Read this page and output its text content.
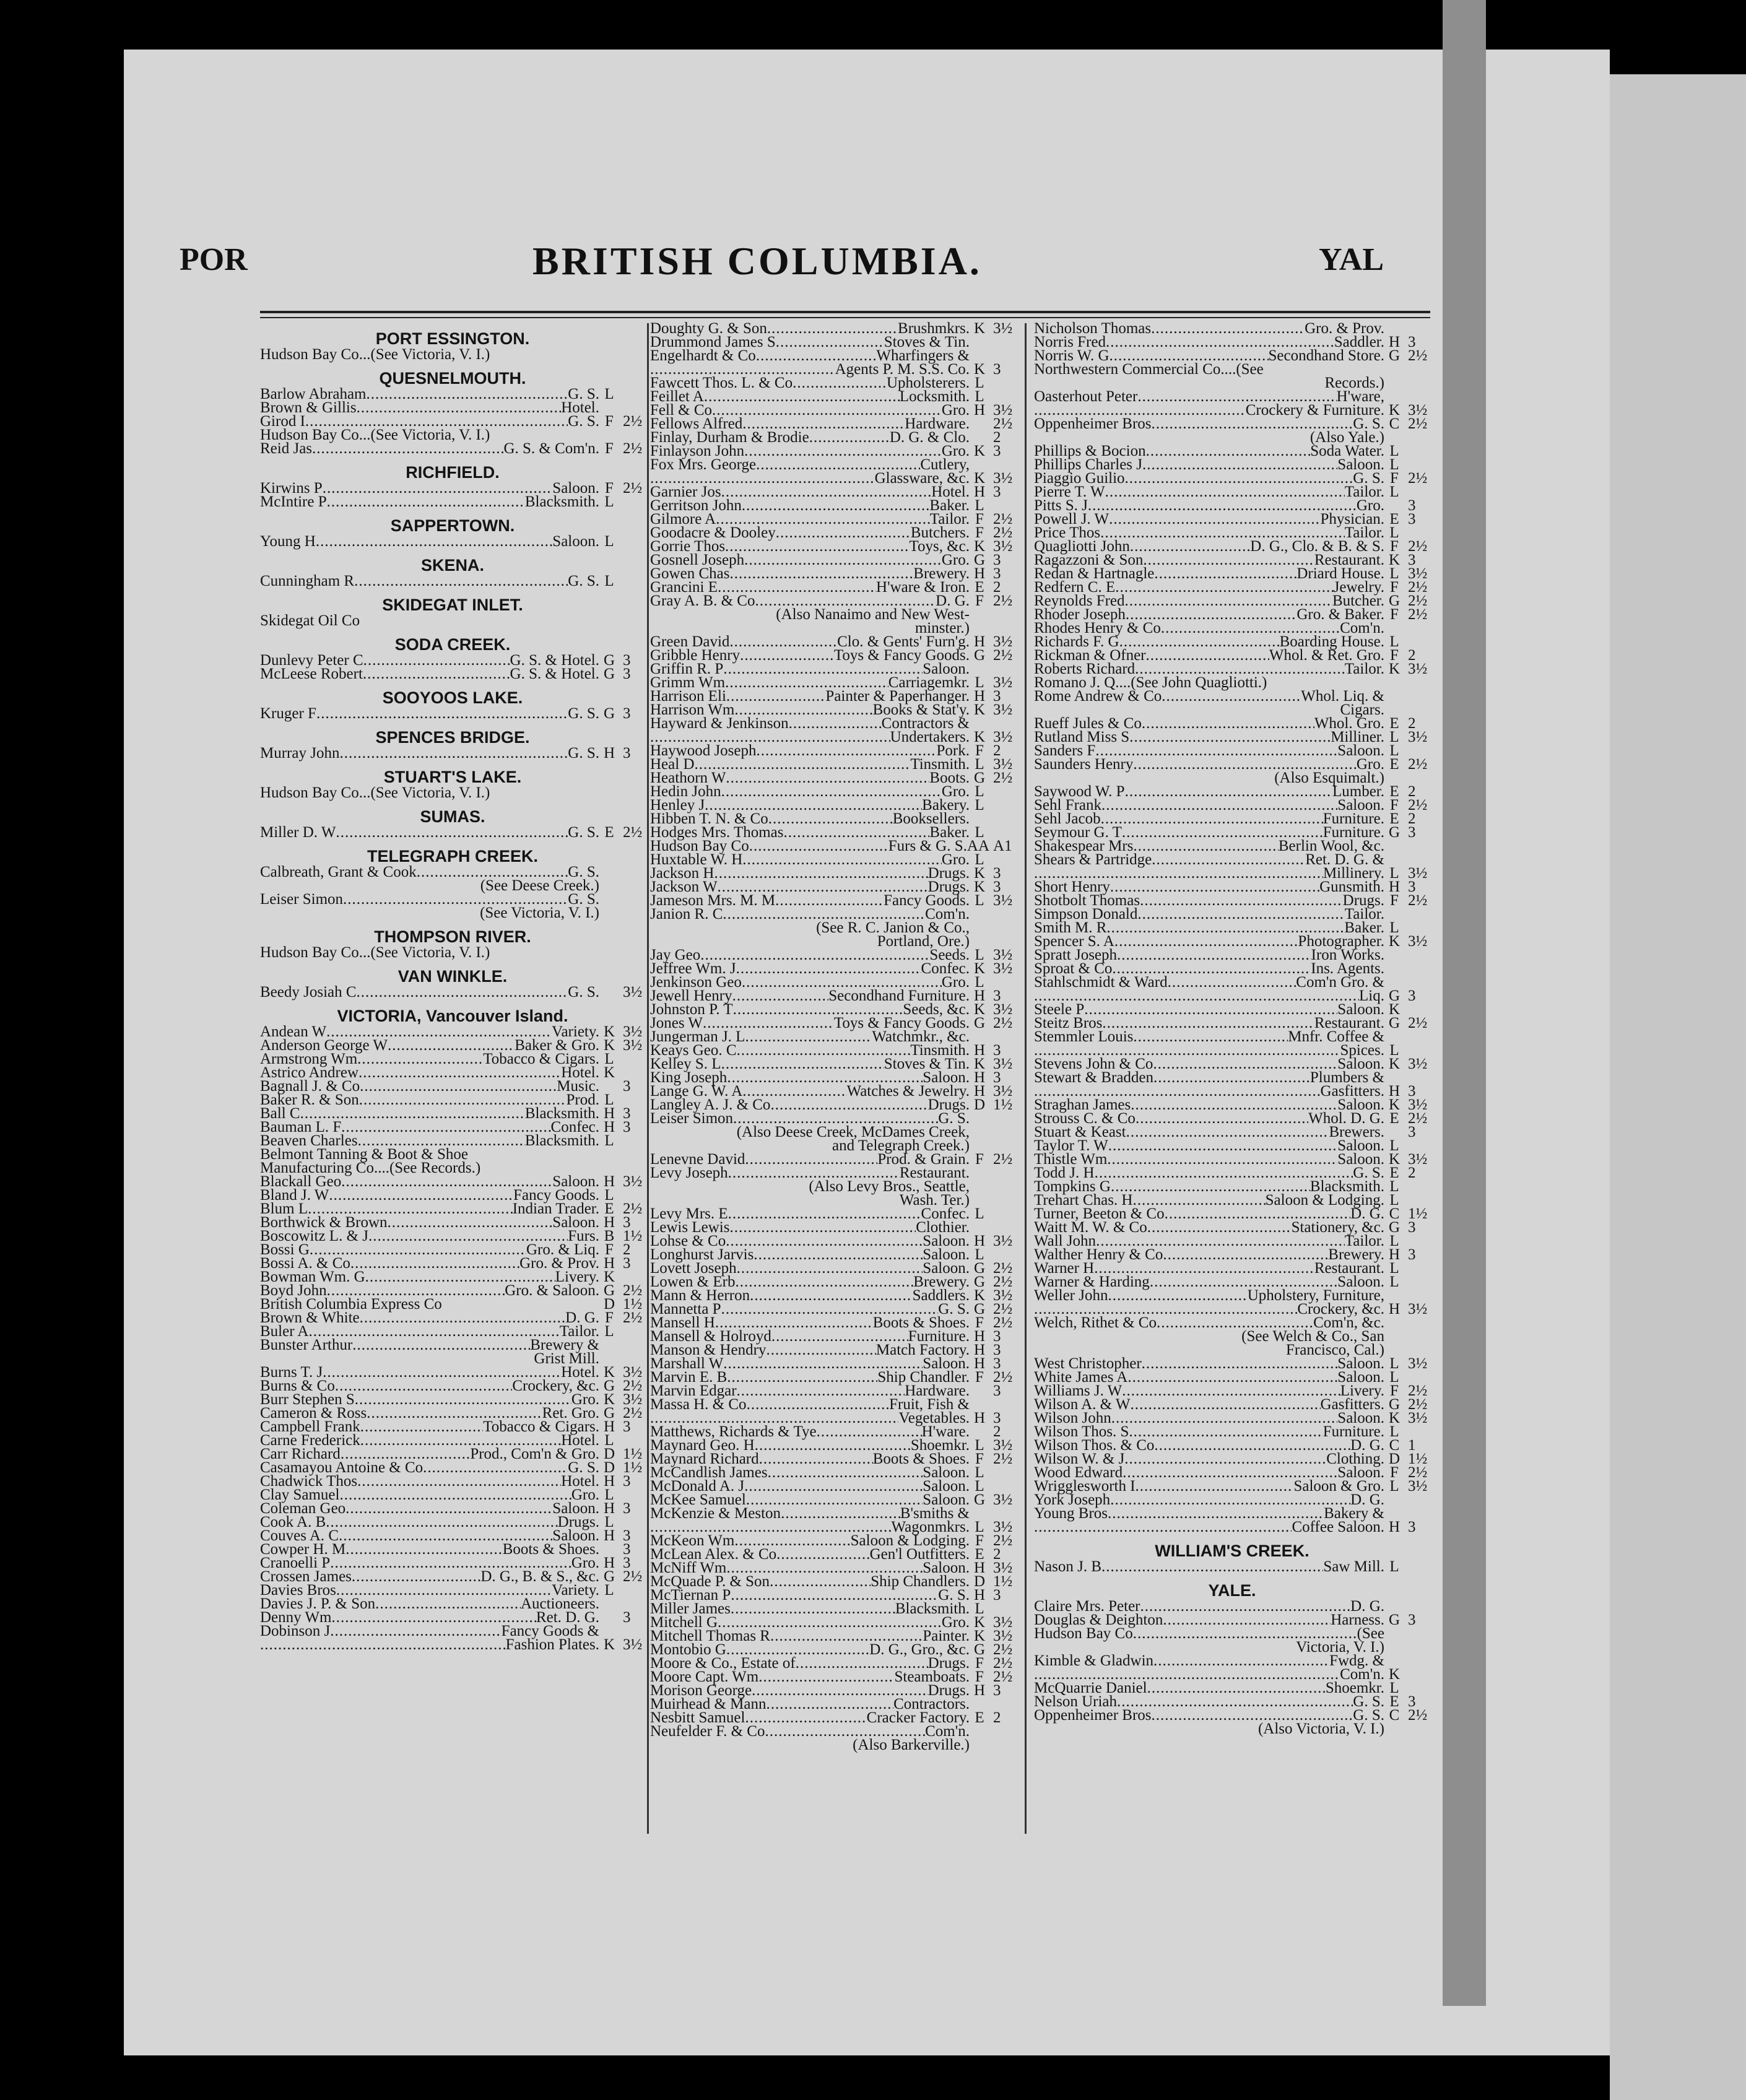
POR	BRITISH COLUMBIA.	YAL
PORT ESSINGTON.
Hudson Bay Co...(See Victoria, V. I.)
QUESNELMOUTH.
Barlow Abraham .....	G. S. L
Brown & Gillis .....	Hotel.
Girod I .....	G. S. F 2½
Hudson Bay Co...(See Victoria, V. I.)
Reid Jas .....	G. S. & Com'n. F 2½
RICHFIELD.
Kirwins P .....	Saloon. F 2½
McIntire P .....	Blacksmith. L
SAPPERTOWN.
Young H .....	Saloon. L
SKENA.
Cunningham R .....	G. S. L
SKIDEGAT INLET.
Skidegat Oil Co
SODA CREEK.
Dunlevy Peter C .....	G. S. & Hotel. G 3
McLeese Robert .....	G. S. & Hotel. G 3
SOOYOOS LAKE.
Kruger F .....	G. S. G 3
SPENCES BRIDGE.
Murray John .....	G. S. H 3
STUART'S LAKE.
Hudson Bay Co...(See Victoria, V. I.)
SUMAS.
Miller D. W .....	G. S. E 2½
TELEGRAPH CREEK.
Calbreath, Grant & Cook .....	G. S.
(See Deese Creek.)
Leiser Simon .....	G. S.
(See Victoria, V. I.)
THOMPSON RIVER.
Hudson Bay Co...(See Victoria, V. I.)
VAN WINKLE.
Beedy Josiah C .....	G. S. 3½
VICTORIA, Vancouver Island.
Andean W .....	Variety. K 3½
Anderson George W .....	Baker & Gro. K 3½
Armstrong Wm .....	Tobacco & Cigars. L
Astrico Andrew .....	Hotel. K
Bagnall J. & Co .....	Music. 3
Baker R. & Son .....	Prod. L
Ball C .....	Blacksmith. H 3
Bauman L. F .....	Confec. H 3
Beaven Charles .....	Blacksmith. L
Belmont Tanning & Boot & Shoe
Manufacturing Co....(See Records.)
Blackall Geo .....	Saloon. H 3½
Bland J. W .....	Fancy Goods. L
Blum L .....	Indian Trader. E 2½
Borthwick & Brown .....	Saloon. H 3
Boscowitz L. & J .....	Furs. B 1½
Bossi G .....	Gro. & Liq. F 2
Bossi A. & Co .....	Gro. & Prov. H 3
Bowman Wm. G .....	Livery. K
Boyd John .....	Gro. & Saloon. G 2½
British Columbia Express Co	D 1½
Brown & White .....	D. G. F 2½
Buler A .....	Tailor. L
Bunster Arthur .....	Brewery &
Grist Mill.
Burns T. J .....	Hotel. K 3½
Burns & Co .....	Crockery, &c. G 2½
Burr Stephen S .....	Gro. K 3½
Cameron & Ross .....	Ret. Gro. G 2½
Campbell Frank .....	Tobacco & Cigars. H 3
Carne Frederick .....	Hotel. L
Carr Richard .....	Prod., Com'n & Gro. D 1½
Casamayou Antoine & Co .....	G. S. D 1½
Chadwick Thos .....	Hotel. H 3
Clay Samuel .....	Gro. L
Coleman Geo .....	Saloon. H 3
Cook A. B .....	Drugs. L
Couves A. C .....	Saloon. H 3
Cowper H. M .....	Boots & Shoes. 3
Cranoelli P .....	Gro. H 3
Crossen James .....	D. G., B. & S., &c. G 2½
Davies Bros .....	Variety. L
Davies J. P. & Son .....	Auctioneers.
Denny Wm .....	Ret. D. G. 3
Dobinson J .....	Fancy Goods &
.....
Fashion Plates. K 3½
Doughty G. & Son .....	Brushmkrs. K 3½
Drummond James S .....	Stoves & Tin.
Engelhardt & Co .....	Wharfingers &
.....
Agents P. M. S.S. Co. K 3
Fawcett Thos. L. & Co .....	Upholsterers. L
Feillet A .....	Locksmith. L
Fell & Co .....	Gro. H 3½
Fellows Alfred .....	Hardware. 2½
Finlay, Durham & Brodie .....	D. G. & Clo. 2
Finlayson John .....	Gro. K 3
Fox Mrs. George .....	Cutlery,
.....
Glassware, &c. K 3½
Garnier Jos .....	Hotel. H 3
Gerritson John .....	Baker. L
Gilmore A .....	Tailor. F 2½
Goodacre & Dooley .....	Butchers. F 2½
Gorrie Thos .....	Toys, &c. K 3½
Gosnell Joseph .....	Gro. G 3
Gowen Chas .....	Brewery. H 3
Grancini E .....	H'ware & Iron. E 2
Gray A. B. & Co .....	D. G. F 2½
(Also Nanaimo and New West-
minster.)
Green David .....	Clo. & Gents' Furn'g. H 3½
Gribble Henry .....	Toys & Fancy Goods. G 2½
Griffin R. P .....	Saloon.
Grimm Wm .....	Carriagemkr. L 3½
Harrison Eli .....	Painter & Paperhanger. H 3
Harrison Wm .....	Books & Stat'y. K 3½
Hayward & Jenkinson .....	Contractors &
.....
Undertakers. K 3½
Haywood Joseph .....	Pork. F 2
Heal D .....	Tinsmith. L 3½
Heathorn W .....	Boots. G 2½
Hedin John .....	Gro. L
Henley J .....	Bakery. L
Hibben T. N. & Co .....	Booksellers.
Hodges Mrs. Thomas .....	Baker. L
Hudson Bay Co .....	Furs & G. S. AA A1
Huxtable W. H .....	Gro. L
Jackson H .....	Drugs. K 3
Jackson W .....	Drugs. K 3
Jameson Mrs. M. M .....	Fancy Goods. L 3½
Janion R. C .....	Com'n.
(See R. C. Janion & Co.,
Portland, Ore.)
Jay Geo .....	Seeds. L 3½
Jeffree Wm. J .....	Confec. K 3½
Jenkinson Geo .....	Gro. L
Jewell Henry .....	Secondhand Furniture. H 3
Johnston P. T .....	Seeds, &c. K 3½
Jones W .....	Toys & Fancy Goods. G 2½
Jungerman J. L .....	Watchmkr., &c.
Keays Geo. C .....	Tinsmith. H 3
Kelley S. L .....	Stoves & Tin. K 3½
King Joseph .....	Saloon. H 3
Lange G. W. A .....	Watches & Jewelry. H 3½
Langley A. J. & Co .....	Drugs. D 1½
Leiser Simon .....	G. S.
(Also Deese Creek, McDames Creek,
and Telegraph Creek.)
Lenevne David .....	Prod. & Grain. F 2½
Levy Joseph .....	Restaurant.
(Also Levy Bros., Seattle,
Wash. Ter.)
Levy Mrs. E .....	Confec. L
Lewis Lewis .....	Clothier.
Lohse & Co .....	Saloon. H 3½
Longhurst Jarvis .....	Saloon. L
Lovett Joseph .....	Saloon. G 2½
Lowen & Erb .....	Brewery. G 2½
Mann & Herron .....	Saddlers. K 3½
Mannetta P .....	G. S. G 2½
Mansell H .....	Boots & Shoes. F 2½
Mansell & Holroyd .....	Furniture. H 3
Manson & Hendry .....	Match Factory. H 3
Marshall W .....	Saloon. H 3
Marvin E. B .....	Ship Chandler. F 2½
Marvin Edgar .....	Hardware. 3
Massa H. & Co .....	Fruit, Fish &
.....
Vegetables. H 3
Matthews, Richards & Tye .....	H'ware. 2
Maynard Geo. H .....	Shoemkr. L 3½
Maynard Richard .....	Boots & Shoes. F 2½
McCandlish James .....	Saloon. L
McDonald A. J .....	Saloon. L
McKee Samuel .....	Saloon. G 3½
McKenzie & Meston .....	B'smiths &
.....
Wagonmkrs. L 3½
McKeon Wm .....	Saloon & Lodging. F 2½
McLean Alex. & Co .....	Gen'l Outfitters. E 2
McNiff Wm .....	Saloon. H 3½
McQuade P. & Son .....	Ship Chandlers. D 1½
McTiernan P .....	G. S. H 3
Miller James .....	Blacksmith. L
Mitchell G .....	Gro. K 3½
Mitchell Thomas R .....	Painter. K 3½
Montobio G .....	D. G., Gro., &c. G 2½
Moore & Co., Estate of .....	Drugs. F 2½
Moore Capt. Wm .....	Steamboats. F 2½
Morison George .....	Drugs. H 3
Muirhead & Mann .....	Contractors.
Nesbitt Samuel .....	Cracker Factory. E 2
Neufelder F. & Co .....	Com'n.
(Also Barkerville.)
Nicholson Thomas .....	Gro. & Prov.
Norris Fred .....	Saddler. H 3
Norris W. G .....	Secondhand Store. G 2½
Northwestern Commercial Co....(See
Records.)
Oasterhout Peter .....	H'ware,
.....
Crockery & Furniture. K 3½
Oppenheimer Bros .....	G. S. C 2½
(Also Yale.)
Phillips & Bocion .....	Soda Water. L
Phillips Charles J .....	Saloon. L
Piaggio Guilio .....	G. S. F 2½
Pierre T. W .....	Tailor. L
Pitts S. J .....	Gro. 3
Powell J. W .....	Physician. E 3
Price Thos .....	Tailor. L
Quagliotti John .....	D. G., Clo. & B. & S. F 2½
Ragazzoni & Son .....	Restaurant. K 3
Redan & Hartnagle .....	Driard House. L 3½
Redfern C. E .....	Jewelry. F 2½
Reynolds Fred .....	Butcher. G 2½
Rhoder Joseph .....	Gro. & Baker. F 2½
Rhodes Henry & Co .....	Com'n.
Richards F. G .....	Boarding House. L
Rickman & Ofner .....	Whol. & Ret. Gro. F 2
Roberts Richard .....	Tailor. K 3½
Romano J. Q....(See John Quagliotti.)
Rome Andrew & Co .....	Whol. Liq. &
Cigars.
Rueff Jules & Co .....	Whol. Gro. E 2
Rutland Miss S .....	Milliner. L 3½
Sanders F .....	Saloon. L
Saunders Henry .....	Gro. E 2½
(Also Esquimalt.)
Saywood W. P .....	Lumber. E 2
Sehl Frank .....	Saloon. F 2½
Sehl Jacob .....	Furniture. E 2
Seymour G. T .....	Furniture. G 3
Shakespear Mrs .....	Berlin Wool, &c.
Shears & Partridge .....	Ret. D. G. &
.....
Millinery. L 3½
Short Henry .....	Gunsmith. H 3
Shotbolt Thomas .....	Drugs. F 2½
Simpson Donald .....	Tailor.
Smith M. R .....	Baker. L
Spencer S. A .....	Photographer. K 3½
Spratt Joseph .....	Iron Works.
Sproat & Co .....	Ins. Agents.
Stahlschmidt & Ward .....	Com'n Gro. &
.....
Liq. G 3
Steele P .....	Saloon. K
Steitz Bros .....	Restaurant. G 2½
Stemmler Louis .....	Mnfr. Coffee &
.....
Spices. L
Stevens John & Co .....	Saloon. K 3½
Stewart & Bradden .....	Plumbers &
.....
Gasfitters. H 3
Straghan James .....	Saloon. K 3½
Strouss C. & Co .....	Whol. D. G. E 2½
Stuart & Keast .....	Brewers. 3
Taylor T. W .....	Saloon. L
Thistle Wm .....	Saloon. K 3½
Todd J. H .....	G. S. E 2
Tompkins G .....	Blacksmith. L
Trehart Chas. H .....	Saloon & Lodging. L
Turner, Beeton & Co .....	D. G. C 1½
Waitt M. W. & Co .....	Stationery, &c. G 3
Wall John .....	Tailor. L
Walther Henry & Co .....	Brewery. H 3
Warner H .....	Restaurant. L
Warner & Harding .....	Saloon. L
Weller John .....	Upholstery, Furniture,
.....
Crockery, &c. H 3½
Welch, Rithet & Co .....	Com'n, &c.
(See Welch & Co., San
Francisco, Cal.)
West Christopher .....	Saloon. L 3½
White James A .....	Saloon. L
Williams J. W .....	Livery. F 2½
Wilson A. & W .....	Gasfitters. G 2½
Wilson John .....	Saloon. K 3½
Wilson Thos. S .....	Furniture. L
Wilson Thos. & Co .....	D. G. C 1
Wilson W. & J .....	Clothing. D 1½
Wood Edward .....	Saloon. F 2½
Wrigglesworth I .....	Saloon & Gro. L 3½
York Joseph .....	D. G.
Young Bros .....	Bakery &
.....
Coffee Saloon. H 3
WILLIAM'S CREEK.
Nason J. B .....	Saw Mill. L
YALE.
Claire Mrs. Peter .....	D. G.
Douglas & Deighton .....	Harness. G 3
Hudson Bay Co .....	(See
Victoria, V. I.)
Kimble & Gladwin .....	Fwdg. &
.....
Com'n. K
McQuarrie Daniel .....	Shoemkr. L
Nelson Uriah .....	G. S. E 3
Oppenheimer Bros .....	G. S. C 2½
(Also Victoria, V. I.)
